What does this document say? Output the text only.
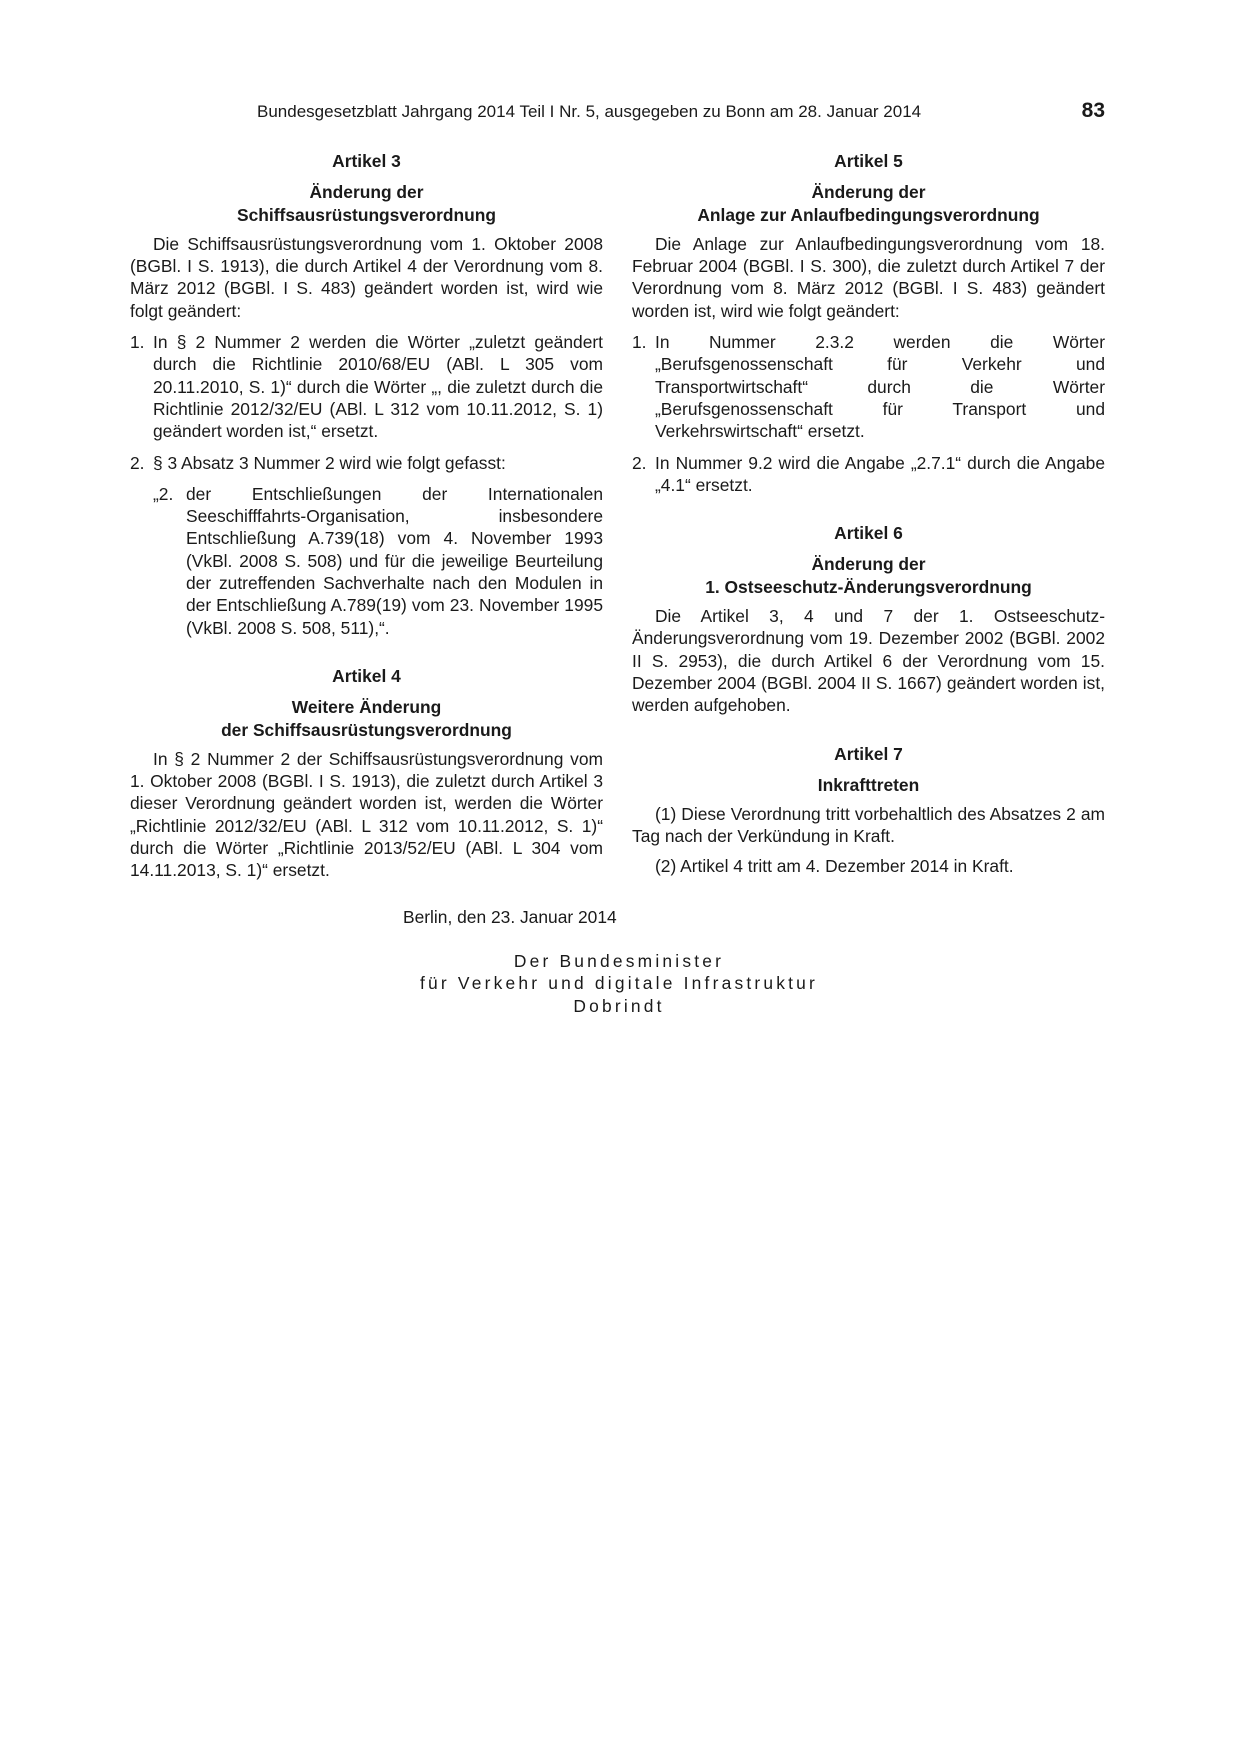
Bundesgesetzblatt Jahrgang 2014 Teil I Nr. 5, ausgegeben zu Bonn am 28. Januar 2014	83

Artikel 3

Änderung der
Schiffsausrüstungsverordnung

Die Schiffsausrüstungsverordnung vom 1. Oktober 2008 (BGBl. I S. 1913), die durch Artikel 4 der Verordnung vom 8. März 2012 (BGBl. I S. 483) geändert worden ist, wird wie folgt geändert:

1. In § 2 Nummer 2 werden die Wörter „zuletzt geändert durch die Richtlinie 2010/68/EU (ABl. L 305 vom 20.11.2010, S. 1)“ durch die Wörter „, die zuletzt durch die Richtlinie 2012/32/EU (ABl. L 312 vom 10.11.2012, S. 1) geändert worden ist,“ ersetzt.
2. § 3 Absatz 3 Nummer 2 wird wie folgt gefasst:
„2. der Entschließungen der Internationalen Seeschifffahrts-Organisation, insbesondere Entschließung A.739(18) vom 4. November 1993 (VkBl. 2008 S. 508) und für die jeweilige Beurteilung der zutreffenden Sachverhalte nach den Modulen in der Entschließung A.789(19) vom 23. November 1995 (VkBl. 2008 S. 508, 511),“.

Artikel 4

Weitere Änderung
der Schiffsausrüstungsverordnung

In § 2 Nummer 2 der Schiffsausrüstungsverordnung vom 1. Oktober 2008 (BGBl. I S. 1913), die zuletzt durch Artikel 3 dieser Verordnung geändert worden ist, werden die Wörter „Richtlinie 2012/32/EU (ABl. L 312 vom 10.11.2012, S. 1)“ durch die Wörter „Richtlinie 2013/52/EU (ABl. L 304 vom 14.11.2013, S. 1)“ ersetzt.

Artikel 5

Änderung der
Anlage zur Anlaufbedingungsverordnung

Die Anlage zur Anlaufbedingungsverordnung vom 18. Februar 2004 (BGBl. I S. 300), die zuletzt durch Artikel 7 der Verordnung vom 8. März 2012 (BGBl. I S. 483) geändert worden ist, wird wie folgt geändert:

1. In Nummer 2.3.2 werden die Wörter „Berufsgenossenschaft für Verkehr und Transportwirtschaft“ durch die Wörter „Berufsgenossenschaft für Transport und Verkehrswirtschaft“ ersetzt.
2. In Nummer 9.2 wird die Angabe „2.7.1“ durch die Angabe „4.1“ ersetzt.

Artikel 6

Änderung der
1. Ostseeschutz-Änderungsverordnung

Die Artikel 3, 4 und 7 der 1. Ostseeschutz-Änderungsverordnung vom 19. Dezember 2002 (BGBl. 2002 II S. 2953), die durch Artikel 6 der Verordnung vom 15. Dezember 2004 (BGBl. 2004 II S. 1667) geändert worden ist, werden aufgehoben.

Artikel 7

Inkrafttreten

(1) Diese Verordnung tritt vorbehaltlich des Absatzes 2 am Tag nach der Verkündung in Kraft.

(2) Artikel 4 tritt am 4. Dezember 2014 in Kraft.

Berlin, den 23. Januar 2014
Der Bundesminister
für Verkehr und digitale Infrastruktur
Dobrindt
